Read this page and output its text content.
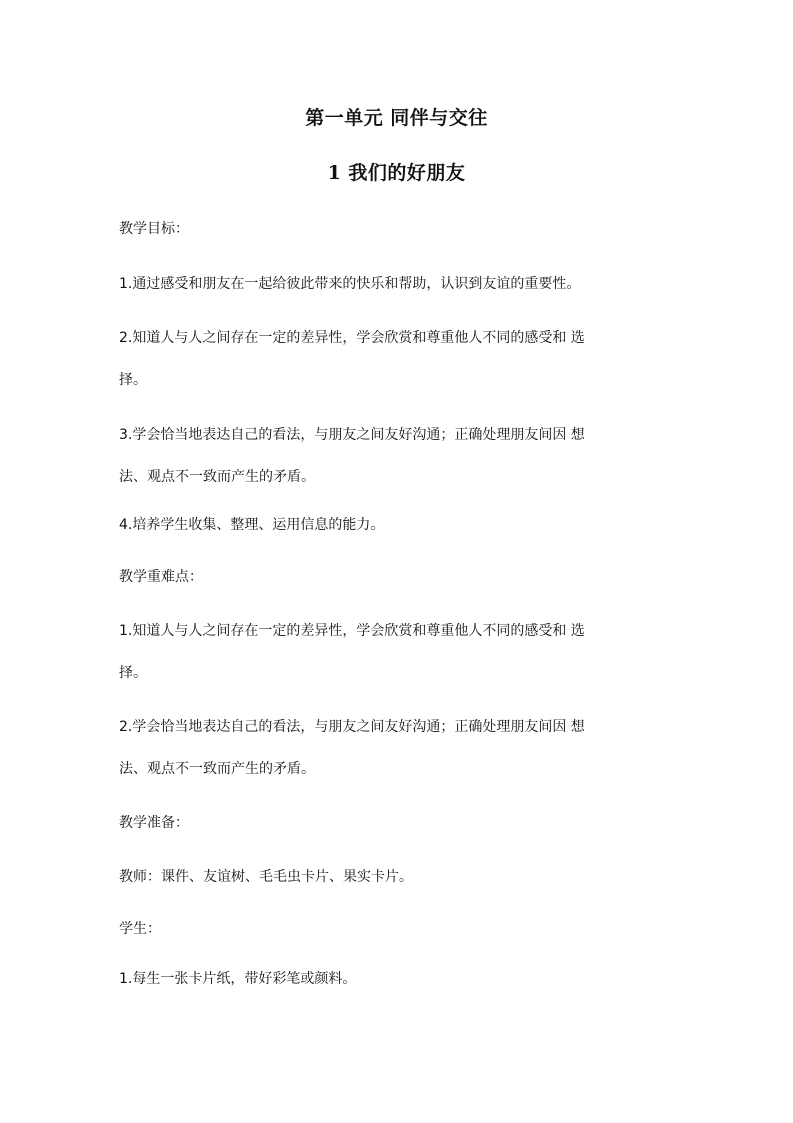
第一单元 同伴与交往
1 我们的好朋友
教学目标：
1.通过感受和朋友在一起给彼此带来的快乐和帮助，认识到友谊的重要性。
2.知道人与人之间存在一定的差异性，学会欣赏和尊重他人不同的感受和 选
择。
3.学会恰当地表达自己的看法，与朋友之间友好沟通；正确处理朋友间因 想
法、观点不一致而产生的矛盾。
4.培养学生收集、整理、运用信息的能力。
教学重难点：
1.知道人与人之间存在一定的差异性，学会欣赏和尊重他人不同的感受和 选
择。
2.学会恰当地表达自己的看法，与朋友之间友好沟通；正确处理朋友间因 想
法、观点不一致而产生的矛盾。
教学准备：
教师：课件、友谊树、毛毛虫卡片、果实卡片。
学生：
1.每生一张卡片纸，带好彩笔或颜料。
